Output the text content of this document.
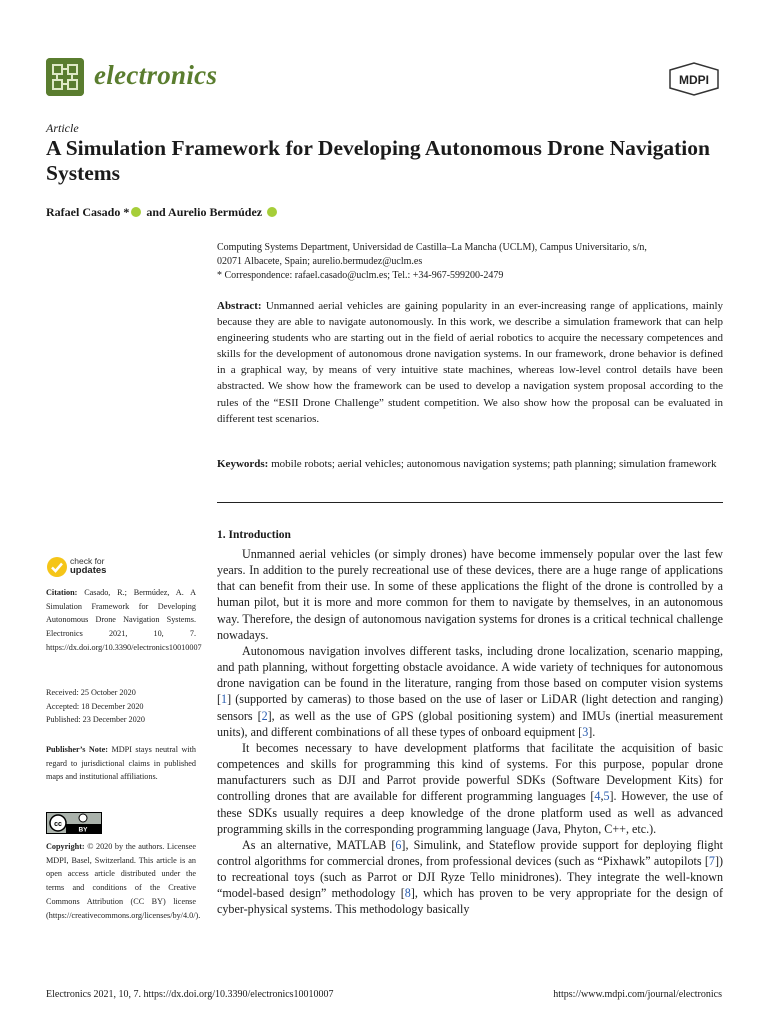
electronics	MDPI
Article
A Simulation Framework for Developing Autonomous Drone Navigation Systems
Rafael Casado * and Aurelio Bermúdez
Computing Systems Department, Universidad de Castilla–La Mancha (UCLM), Campus Universitario, s/n,
02071 Albacete, Spain; aurelio.bermudez@uclm.es
* Correspondence: rafael.casado@uclm.es; Tel.: +34-967-599200-2479
Abstract: Unmanned aerial vehicles are gaining popularity in an ever-increasing range of applications, mainly because they are able to navigate autonomously. In this work, we describe a simulation framework that can help engineering students who are starting out in the field of aerial robotics to acquire the necessary competences and skills for the development of autonomous drone navigation systems. In our framework, drone behavior is defined in a graphical way, by means of very intuitive state machines, whereas low-level control details have been abstracted. We show how the framework can be used to develop a navigation system proposal according to the rules of the “ESII Drone Challenge” student competition. We also show how the proposal can be evaluated in different test scenarios.
Keywords: mobile robots; aerial vehicles; autonomous navigation systems; path planning; simulation framework
1. Introduction

Unmanned aerial vehicles (or simply drones) have become immensely popular over the last few years. In addition to the purely recreational use of these devices, there are a huge range of applications that can benefit from their use. In some of these applications the flight of the drone is controlled by a human pilot, but it is more and more common for them to navigate by themselves, in an autonomous way. Therefore, the design of autonomous navigation systems for drones is a critical technical challenge nowadays.

Autonomous navigation involves different tasks, including drone localization, scenario mapping, and path planning, without forgetting obstacle avoidance. A wide variety of techniques for autonomous drone navigation can be found in the literature, ranging from those based on computer vision systems [1] (supported by cameras) to those based on the use of laser or LiDAR (light detection and ranging) sensors [2], as well as the use of GPS (global positioning system) and IMUs (inertial measurement units), and different combinations of all these types of onboard equipment [3].

It becomes necessary to have development platforms that facilitate the acquisition of basic competences and skills for programming this kind of systems. For this purpose, popular drone manufacturers such as DJI and Parrot provide powerful SDKs (Software Development Kits) for controlling drones that are available for different programming languages [4,5]. However, the use of these SDKs usually requires a deep knowledge of the drone platform used as well as advanced programming skills in the corresponding programming language (Java, Phyton, C++, etc.).

As an alternative, MATLAB [6], Simulink, and Stateflow provide support for deploying flight control algorithms for commercial drones, from professional devices (such as “Pixhawk” autopilots [7]) to recreational toys (such as Parrot or DJI Ryze Tello minidrones). They integrate the well-known “model-based design” methodology [8], which has proven to be very appropriate for the design of cyber-physical systems. This methodology basically

check for
updates
Citation: Casado, R.; Bermúdez, A. A Simulation Framework for Developing Autonomous Drone Navigation Systems. Electronics 2021, 10, 7. https://dx.doi.org/10.3390/electronics10010007
Received: 25 October 2020
Accepted: 18 December 2020
Published: 23 December 2020
Publisher’s Note: MDPI stays neutral with regard to jurisdictional claims in published maps and institutional affiliations.
cc
BY
Copyright: © 2020 by the authors. Licensee MDPI, Basel, Switzerland. This article is an open access article distributed under the terms and conditions of the Creative Commons Attribution (CC BY) license (https://creativecommons.org/licenses/by/4.0/).
Electronics 2021, 10, 7. https://dx.doi.org/10.3390/electronics10010007	https://www.mdpi.com/journal/electronics
